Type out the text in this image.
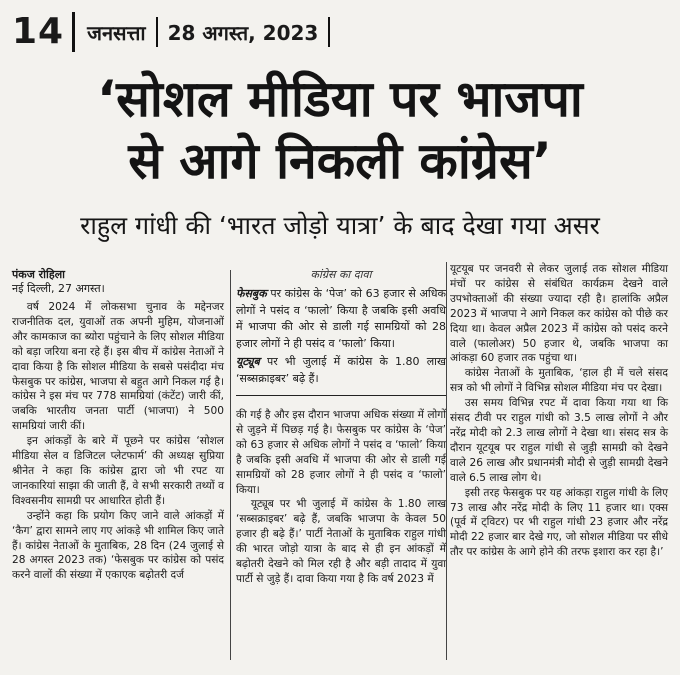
14 जनसत्ता 28 अगस्त, 2023
‘सोशल मीडिया पर भाजपा
से आगे निकली कांग्रेस’
राहुल गांधी की ‘भारत जोड़ो यात्रा’ के बाद देखा गया असर
पंकज रोहिला
नई दिल्ली, 27 अगस्त।

वर्ष 2024 में लोकसभा चुनाव के मद्देनजर राजनीतिक दल, युवाओं तक अपनी मुहिम, योजनाओं और कामकाज का ब्योरा पहुंचाने के लिए सोशल मीडिया को बड़ा जरिया बना रहे हैं। इस बीच में कांग्रेस नेताओं ने दावा किया है कि सोशल मीडिया के सबसे पसंदीदा मंच फेसबुक पर कांग्रेस, भाजपा से बहुत आगे निकल गई है। कांग्रेस ने इस मंच पर 778 सामग्रियां (कंटेंट) जारी कीं, जबकि भारतीय जनता पार्टी (भाजपा) ने 500 सामग्रियां जारी कीं।

इन आंकड़ों के बारे में पूछने पर कांग्रेस ‘सोशल मीडिया सेल व डिजिटल प्लेटफार्म’ की अध्यक्ष सुप्रिया श्रीनेत ने कहा कि कांग्रेस द्वारा जो भी रपट या जानकारियां साझा की जाती हैं, वे सभी सरकारी तथ्यों व विश्वसनीय सामग्री पर आधारित होती हैं।

उन्होंने कहा कि प्रयोग किए जाने वाले आंकड़ों में ‘कैग’ द्वारा सामने लाए गए आंकड़े भी शामिल किए जाते हैं। कांग्रेस नेताओं के मुताबिक, 28 दिन (24 जुलाई से 28 अगस्त 2023 तक) ‘फेसबुक पर कांग्रेस को पसंद करने वालों की संख्या में एकाएक बढ़ोतरी दर्ज

कांग्रेस का दावा

फेसबुक पर कांग्रेस के ‘पेज’ को 63 हजार से अधिक लोगों ने पसंद व ‘फालो’ किया है जबकि इसी अवधि में भाजपा की ओर से डाली गई सामग्रियों को 28 हजार लोगों ने ही पसंद व ‘फालो’ किया।

यूट्यूब पर भी जुलाई में कांग्रेस के 1.80 लाख ‘सब्सक्राइबर’ बढ़े हैं।

की गई है और इस दौरान भाजपा अधिक संख्या में लोगों से जुड़ने में पिछड़ गई है। फेसबुक पर कांग्रेस के ‘पेज’ को 63 हजार से अधिक लोगों ने पसंद व ‘फालो’ किया है जबकि इसी अवधि में भाजपा की ओर से डाली गई सामग्रियों को 28 हजार लोगों ने ही पसंद व ‘फालो’ किया।

यूट्यूब पर भी जुलाई में कांग्रेस के 1.80 लाख ‘सब्सक्राइबर’ बढ़े हैं, जबकि भाजपा के केवल 50 हजार ही बढ़े हैं।’ पार्टी नेताओं के मुताबिक राहुल गांधी की भारत जोड़ो यात्रा के बाद से ही इन आंकड़ों में बढ़ोतरी देखने को मिल रही है और बड़ी तादाद में युवा पार्टी से जुड़े हैं। दावा किया गया है कि वर्ष 2023 में

यूटयूब पर जनवरी से लेकर जुलाई तक सोशल मीडिया मंचों पर कांग्रेस से संबंधित कार्यक्रम देखने वाले उपभोक्ताओं की संख्या ज्यादा रही है। हालांकि अप्रैल 2023 में भाजपा ने आगे निकल कर कांग्रेस को पीछे कर दिया था। केवल अप्रैल 2023 में कांग्रेस को पसंद करने वाले (फालोअर) 50 हजार थे, जबकि भाजपा का आंकड़ा 60 हजार तक पहुंचा था।

कांग्रेस नेताओं के मुताबिक, ‘हाल ही में चले संसद सत्र को भी लोगों ने विभिन्न सोशल मीडिया मंच पर देखा।

उस समय विभिन्न रपट में दावा किया गया था कि संसद टीवी पर राहुल गांधी को 3.5 लाख लोगों ने और नरेंद्र मोदी को 2.3 लाख लोगों ने देखा था। संसद सत्र के दौरान यूटयूब पर राहुल गांधी से जुड़ी सामग्री को देखने वाले 26 लाख और प्रधानमंत्री मोदी से जुड़ी सामग्री देखने वाले 6.5 लाख लोग थे।

इसी तरह फेसबुक पर यह आंकड़ा राहुल गांधी के लिए 73 लाख और नरेंद्र मोदी के लिए 11 हजार था। एक्स (पूर्व में ट्विटर) पर भी राहुल गांधी 23 हजार और नरेंद्र मोदी 22 हजार बार देखे गए, जो सोशल मीडिया पर सीधे तौर पर कांग्रेस के आगे होने की तरफ इशारा कर रहा है।’
